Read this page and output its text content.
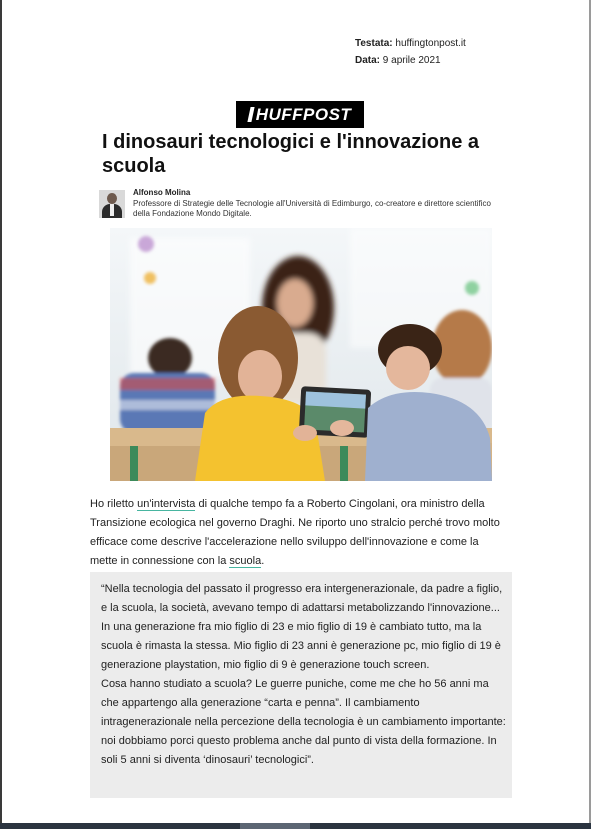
Testata: huffingtonpost.it
Data: 9 aprile 2021
HUFFPOST
I dinosauri tecnologici e l'innovazione a scuola
Alfonso Molina
Professore di Strategie delle Tecnologie all'Università di Edimburgo, co-creatore e direttore scientifico della Fondazione Mondo Digitale.
Ho riletto un'intervista di qualche tempo fa a Roberto Cingolani, ora ministro della Transizione ecologica nel governo Draghi. Ne riporto uno stralcio perché trovo molto efficace come descrive l'accelerazione nello sviluppo dell'innovazione e come la mette in connessione con la scuola.

“Nella tecnologia del passato il progresso era intergenerazionale, da padre a figlio, e la scuola, la società, avevano tempo di adattarsi metabolizzando l'innovazione... In una generazione fra mio figlio di 23 e mio figlio di 19 è cambiato tutto, ma la scuola è rimasta la stessa. Mio figlio di 23 anni è generazione pc, mio figlio di 19 è generazione playstation, mio figlio di 9 è generazione touch screen.
Cosa hanno studiato a scuola? Le guerre puniche, come me che ho 56 anni ma che appartengo alla generazione “carta e penna”. Il cambiamento intragenerazionale nella percezione della tecnologia è un cambiamento importante: noi dobbiamo porci questo problema anche dal punto di vista della formazione. In soli 5 anni si diventa ‘dinosauri’ tecnologici”.
